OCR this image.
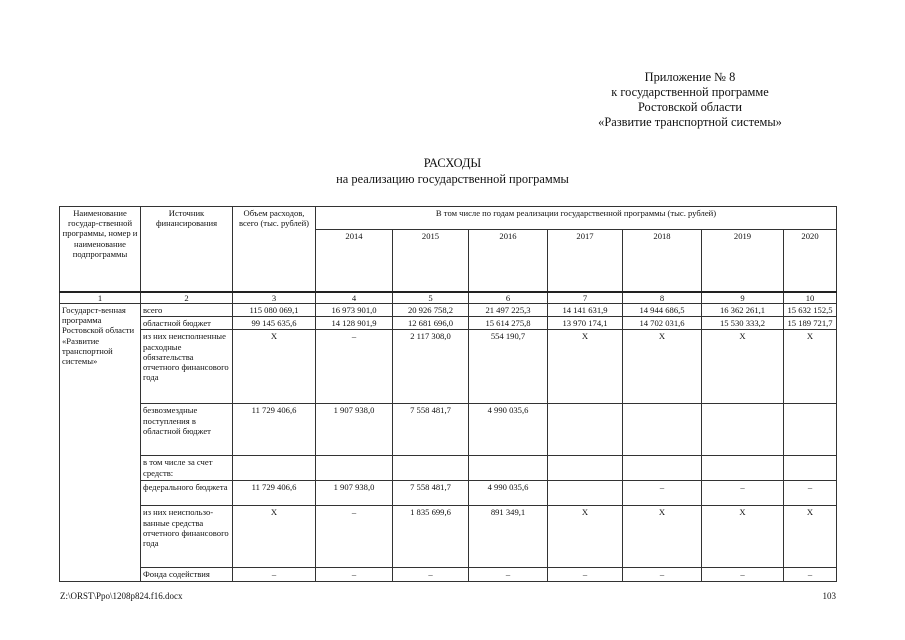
Приложение № 8
к государственной программе
Ростовской области
«Развитие транспортной системы»
РАСХОДЫ
на реализацию государственной программы
Наименование государ-ственной программы, номер и наименование подпрограммы	Источник финансирования	Объем расходов, всего (тыс. рублей)	В том числе по годам реализации государственной программы (тыс. рублей)						
			2014	2015	2016	2017	2018	2019	2020
1	2	3	4	5	6	7	8	9	10
Государст-венная программа Ростовской области «Развитие транспортной системы»	всего	115 080 069,1	16 973 901,0	20 926 758,2	21 497 225,3	14 141 631,9	14 944 686,5	16 362 261,1	15 632 152,5
	областной бюджет	99 145 635,6	14 128 901,9	12 681 696,0	15 614 275,8	13 970 174,1	14 702 031,6	15 530 333,2	15 189 721,7
	из них неисполненные расходные обязательства отчетного финансового года	X	–	2 117 308,0	554 190,7	X	X	X	X
	безвозмездные поступления в областной бюджет	11 729 406,6	1 907 938,0	7 558 481,7	4 990 035,6				
	в том числе за счет средств:								
	федерального бюджета	11 729 406,6	1 907 938,0	7 558 481,7	4 990 035,6		–	–	–
	из них неиспользо-ванные средства отчетного финансового года	X	–	1 835 699,6	891 349,1	X	X	X	X
	Фонда содействия	–	–	–	–	–	–	–	–
Z:\ORST\Ppo\1208p824.f16.docx	103
